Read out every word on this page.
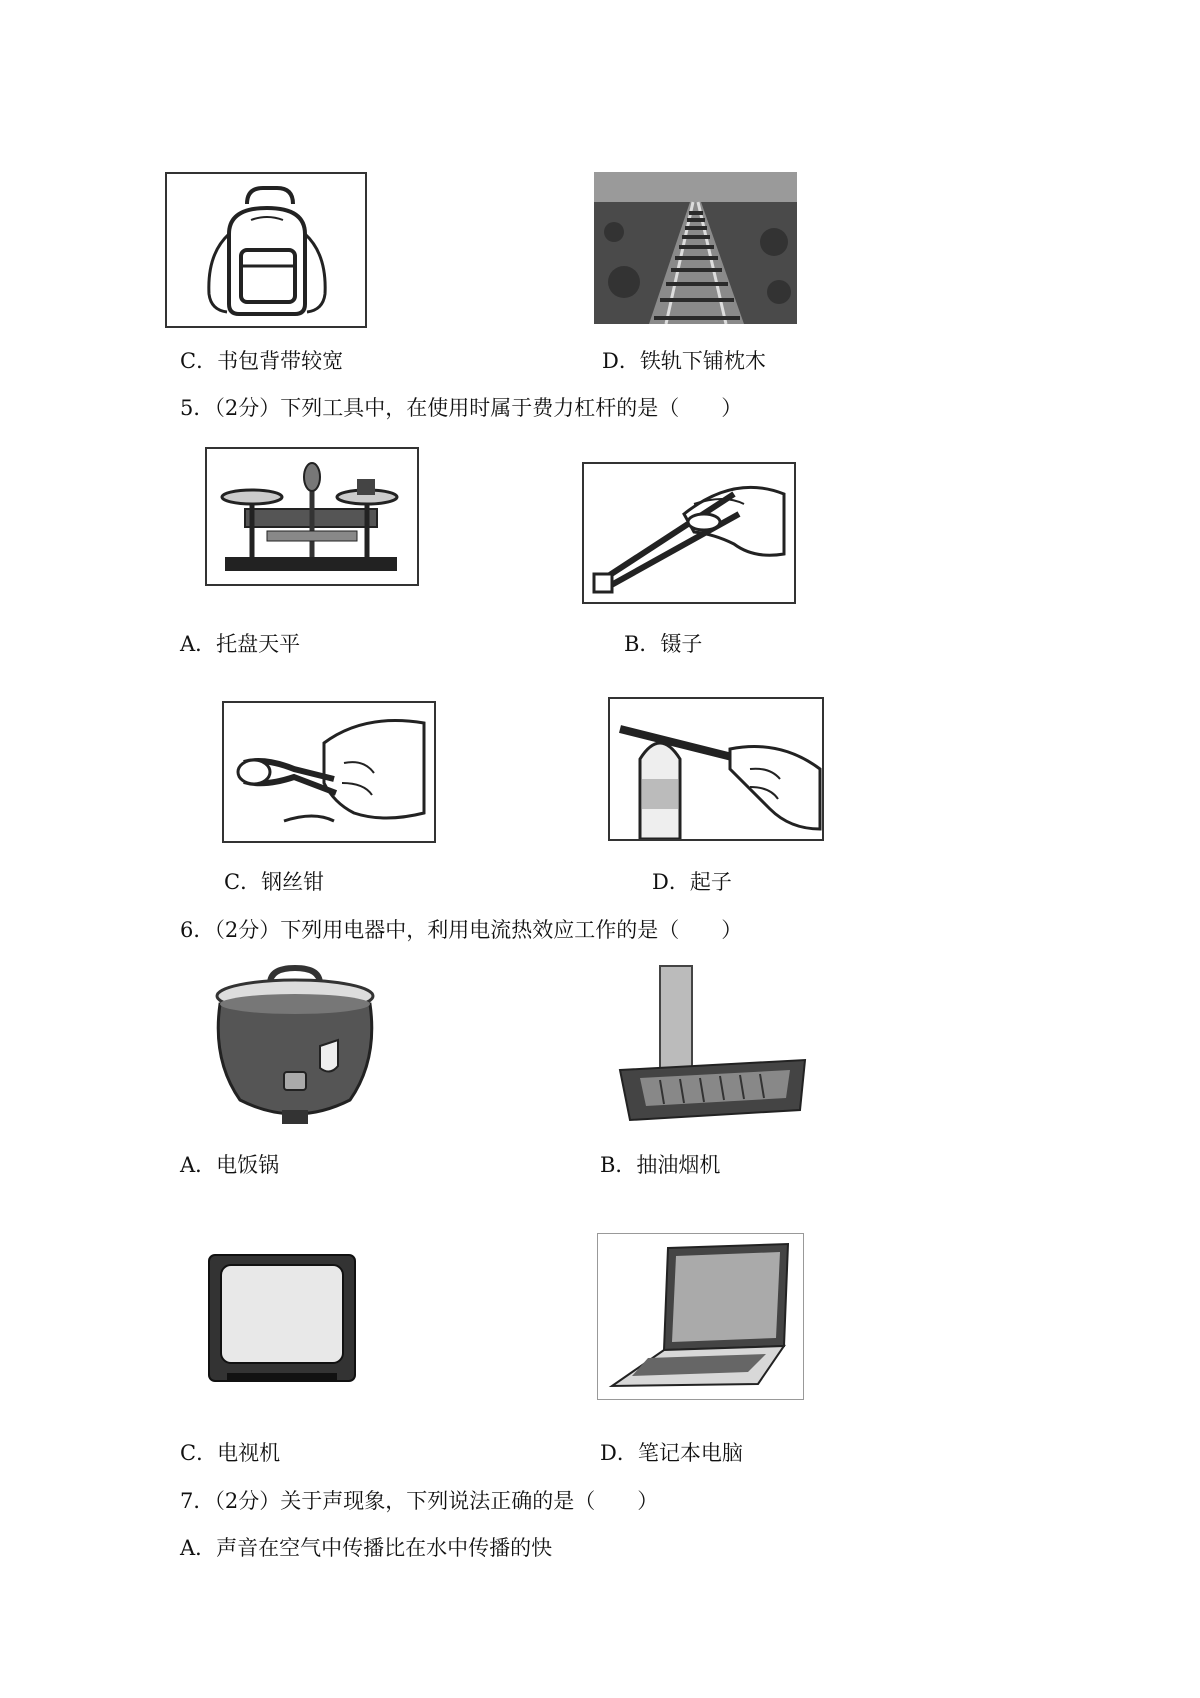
C．书包背带较宽	D．铁轨下铺枕木
5．（2分）下列工具中，在使用时属于费力杠杆的是（　　）
A．托盘天平	B．镊子
C．钢丝钳	D．起子
6．（2分）下列用电器中，利用电流热效应工作的是（　　）
A．电饭锅	B．抽油烟机
C．电视机	D．笔记本电脑
7．（2分）关于声现象，下列说法正确的是（　　）
A．声音在空气中传播比在水中传播的快
